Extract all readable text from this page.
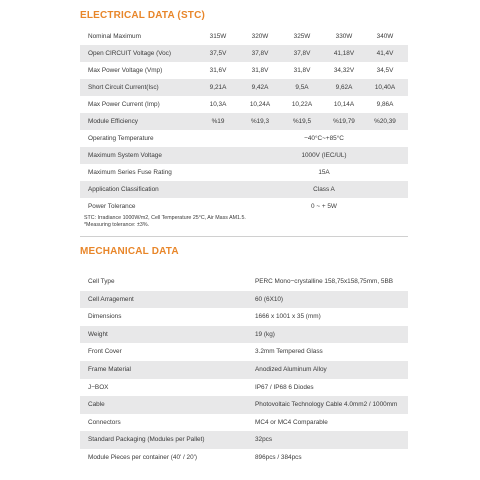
ELECTRICAL DATA (STC)
Nominal Maximum	315W	320W	325W	330W	340W
Open CIRCUIT Voltage (Voc)	37,5V	37,8V	37,8V	41,18V	41,4V
Max Power Voltage (Vmp)	31,6V	31,8V	31,8V	34,32V	34,5V
Short Circuit Current(Isc)	9,21A	9,42A	9,5A	9,62A	10,40A
Max Power Current (Imp)	10,3A	10,24A	10,22A	10,14A	9,86A
Module Efficiency	%19	%19,3	%19,5	%19,79	%20,39
Operating Temperature	−40°C~+85°C
Maximum System Voltage	1000V (IEC/UL)
Maximum Series Fuse Rating	15A
Application Classification	Class A
Power Tolerance	0 ~ + 5W
STC: Irradiance 1000W/m2, Cell Temperature 25°C, Air Mass AM1.5.
*Measuring tolerance: ±3%.
MECHANICAL DATA
Cell Type	PERC Mono−crystalline 158,75x158,75mm, 5BB
Cell Arragement	60 (6X10)
Dimensions	1666 x 1001 x 35 (mm)
Weight	19 (kg)
Front Cover	3.2mm Tempered Glass
Frame Material	Anodized Aluminum Alloy
J−BOX	IP67 / IP68 6 Diodes
Cable	Photovoltaic Technology Cable 4.0mm2 / 1000mm
Connectors	MC4 or MC4 Comparable
Standard Packaging (Modules per Pallet)	32pcs
Module Pieces per container (40' / 20')	896pcs / 384pcs
